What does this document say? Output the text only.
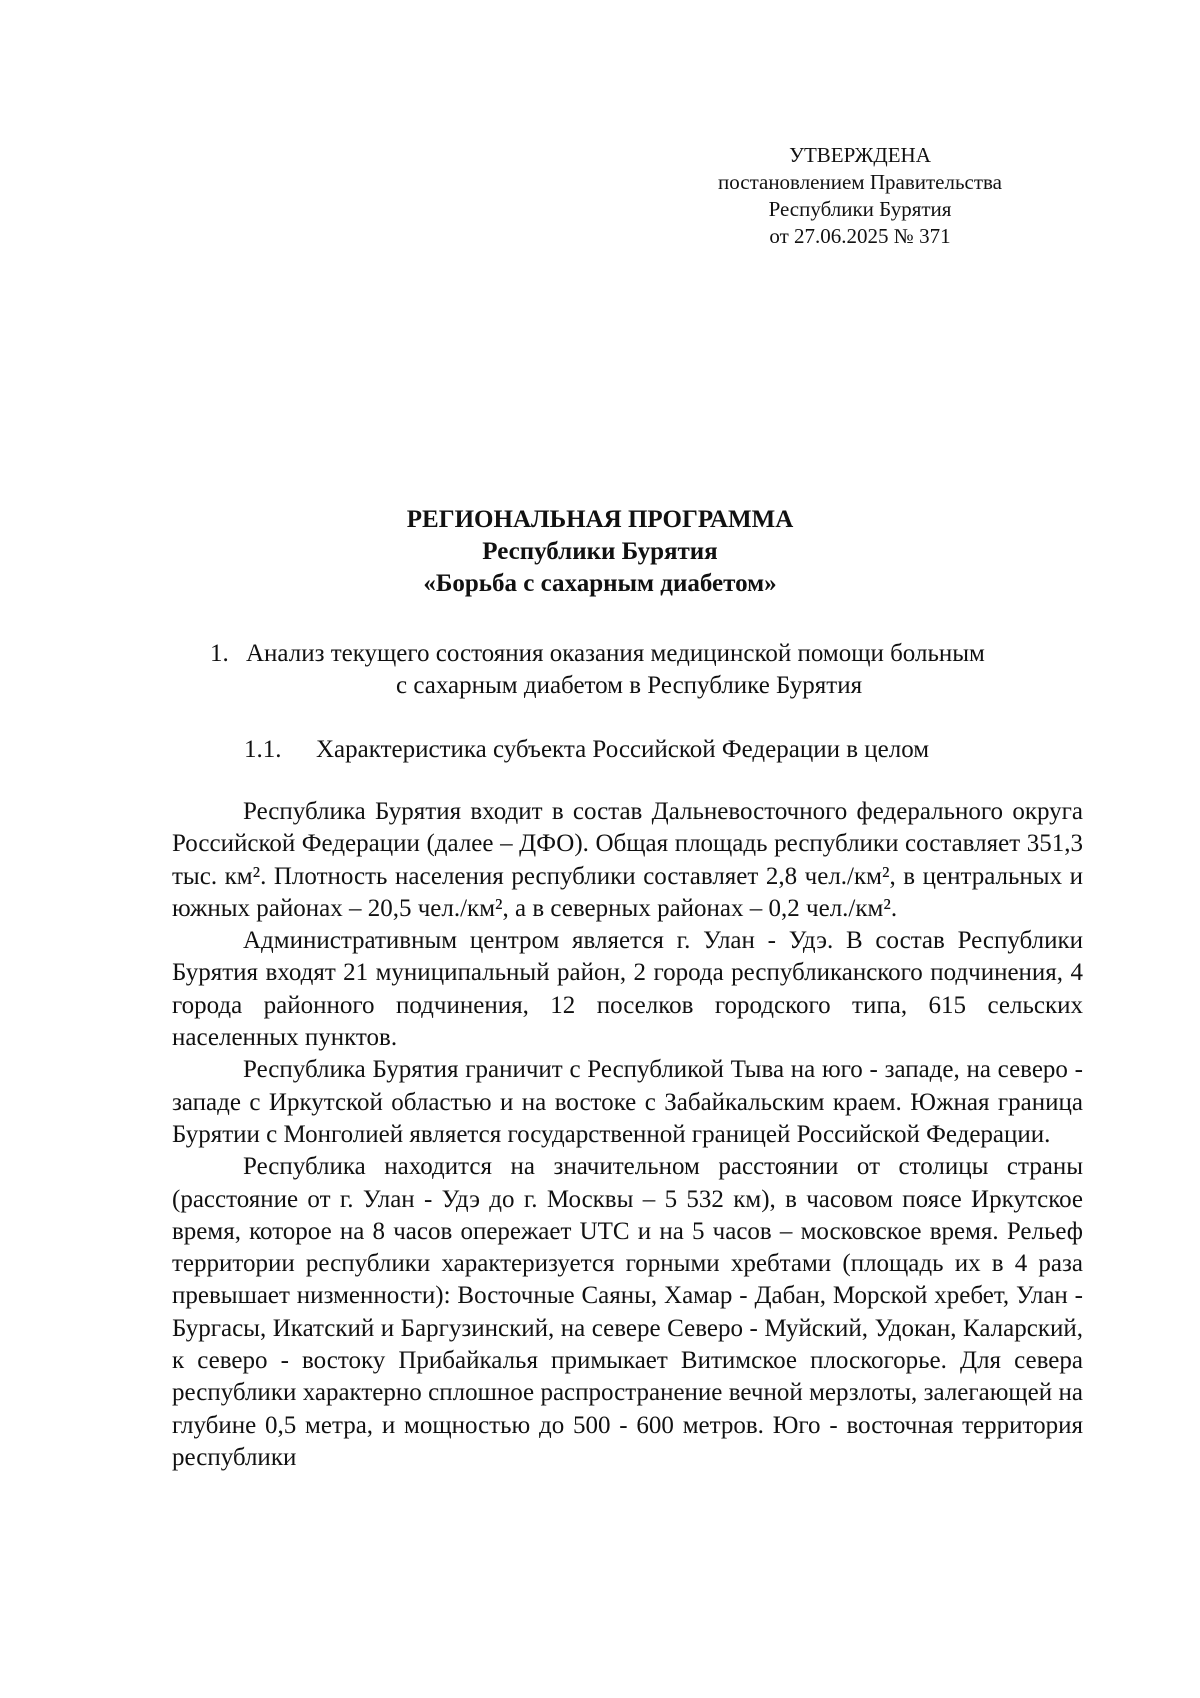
УТВЕРЖДЕНА
постановлением Правительства
Республики Бурятия
от 27.06.2025 № 371
РЕГИОНАЛЬНАЯ ПРОГРАММА
Республики Бурятия
«Борьба с сахарным диабетом»
1. Анализ текущего состояния оказания медицинской помощи больным
с сахарным диабетом в Республике Бурятия
1.1. Характеристика субъекта Российской Федерации в целом

Республика Бурятия входит в состав Дальневосточного федерального округа Российской Федерации (далее – ДФО). Общая площадь республики составляет 351,3 тыс. км². Плотность населения республики составляет 2,8 чел./км², в центральных и южных районах – 20,5 чел./км², а в северных районах – 0,2 чел./км².

Административным центром является г. Улан - Удэ. В состав Республики Бурятия входят 21 муниципальный район, 2 города республиканского подчинения, 4 города районного подчинения, 12 поселков городского типа, 615 сельских населенных пунктов.

Республика Бурятия граничит с Республикой Тыва на юго - западе, на северо - западе с Иркутской областью и на востоке с Забайкальским краем. Южная граница Бурятии с Монголией является государственной границей Российской Федерации.

Республика находится на значительном расстоянии от столицы страны (расстояние от г. Улан - Удэ до г. Москвы – 5 532 км), в часовом поясе Иркутское время, которое на 8 часов опережает UTC и на 5 часов – московское время. Рельеф территории республики характеризуется горными хребтами (площадь их в 4 раза превышает низменности): Восточные Саяны, Хамар - Дабан, Морской хребет, Улан - Бургасы, Икатский и Баргузинский, на севере Северо - Муйский, Удокан, Каларский, к северо - востоку Прибайкалья примыкает Витимское плоскогорье. Для севера республики характерно сплошное распространение вечной мерзлоты, залегающей на глубине 0,5 метра, и мощностью до 500 - 600 метров. Юго - восточная территория республики
